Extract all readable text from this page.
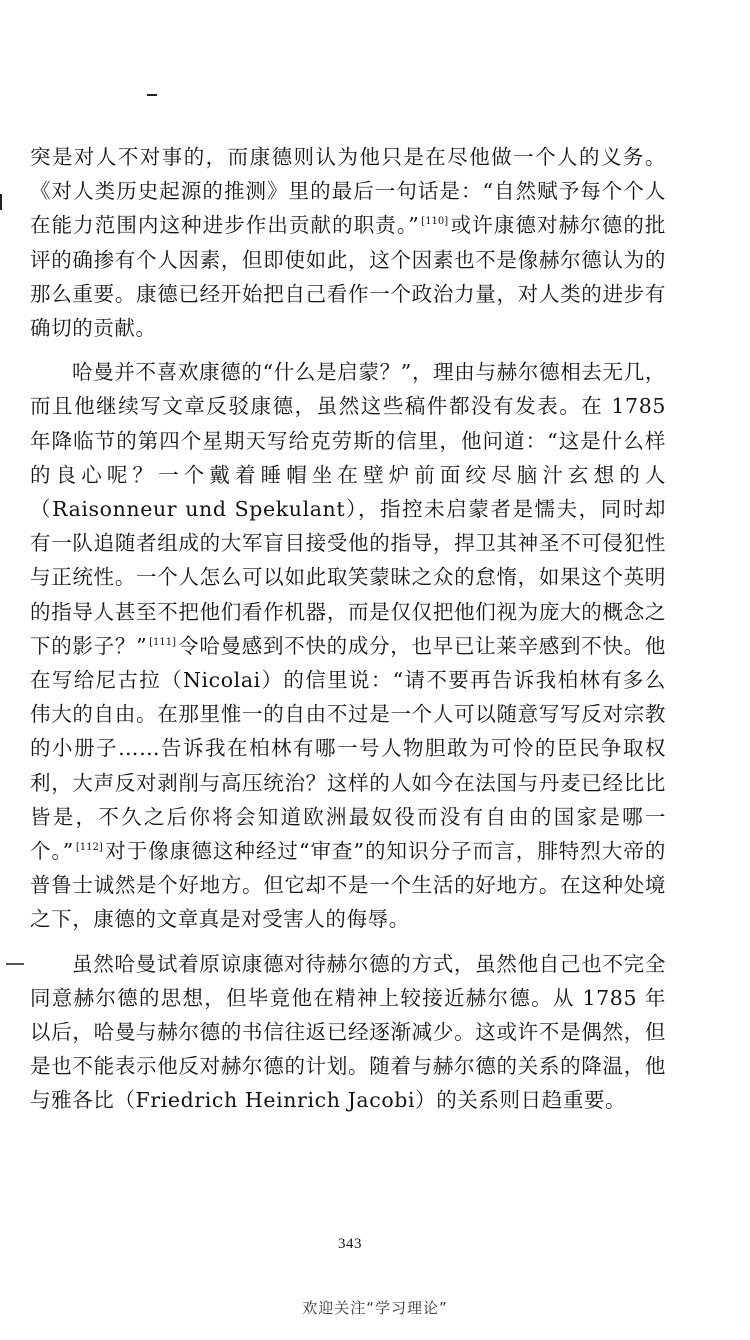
突是对人不对事的，而康德则认为他只是在尽他做一个人的义务。《对人类历史起源的推测》里的最后一句话是：“自然赋予每个个人在能力范围内这种进步作出贡献的职责。” [110]或许康德对赫尔德的批评的确掺有个人因素，但即使如此，这个因素也不是像赫尔德认为的那么重要。康德已经开始把自己看作一个政治力量，对人类的进步有确切的贡献。

哈曼并不喜欢康德的“什么是启蒙？”，理由与赫尔德相去无几，而且他继续写文章反驳康德，虽然这些稿件都没有发表。在 1785 年降临节的第四个星期天写给克劳斯的信里，他问道：“这是什么样的良心呢？一个戴着睡帽坐在壁炉前面绞尽脑汁玄想的人（Raisonneur und Spekulant），指控未启蒙者是懦夫，同时却有一队追随者组成的大军盲目接受他的指导，捍卫其神圣不可侵犯性与正统性。一个人怎么可以如此取笑蒙昧之众的怠惰，如果这个英明的指导人甚至不把他们看作机器，而是仅仅把他们视为庞大的概念之下的影子？” [111]令哈曼感到不快的成分，也早已让莱辛感到不快。他在写给尼古拉（Nicolai）的信里说：“请不要再告诉我柏林有多么伟大的自由。在那里惟一的自由不过是一个人可以随意写写反对宗教的小册子……告诉我在柏林有哪一号人物胆敢为可怜的臣民争取权利，大声反对剥削与高压统治？这样的人如今在法国与丹麦已经比比皆是，不久之后你将会知道欧洲最奴役而没有自由的国家是哪一个。” [112]对于像康德这种经过“审查”的知识分子而言，腓特烈大帝的普鲁士诚然是个好地方。但它却不是一个生活的好地方。在这种处境之下，康德的文章真是对受害人的侮辱。

虽然哈曼试着原谅康德对待赫尔德的方式，虽然他自己也不完全同意赫尔德的思想，但毕竟他在精神上较接近赫尔德。从 1785 年以后，哈曼与赫尔德的书信往返已经逐渐减少。这或许不是偶然，但是也不能表示他反对赫尔德的计划。随着与赫尔德的关系的降温，他与雅各比（Friedrich Heinrich Jacobi）的关系则日趋重要。

343
欢迎关注“学习理论”
